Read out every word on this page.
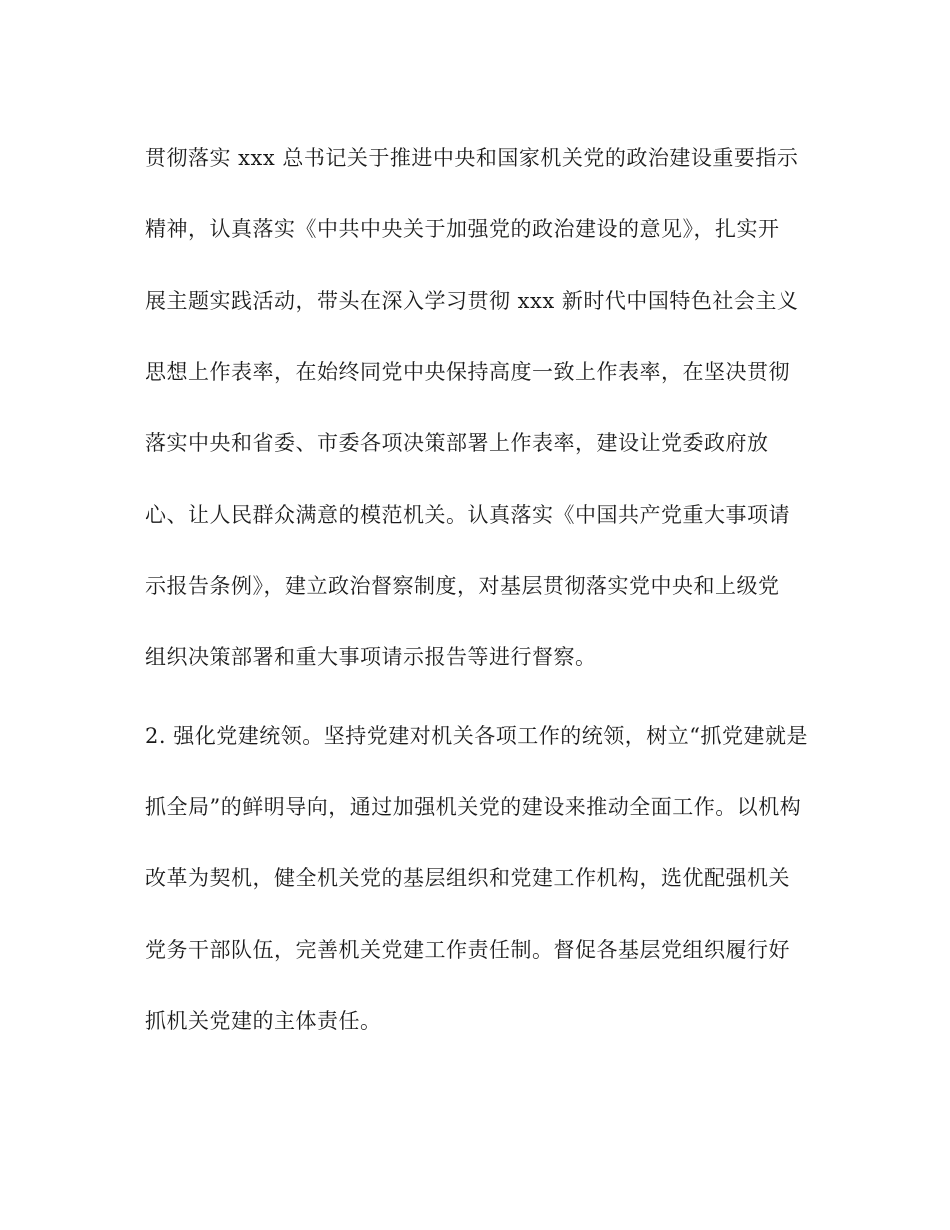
贯彻落实 xxx 总书记关于推进中央和国家机关党的政治建设重要指示
精神，认真落实《中共中央关于加强党的政治建设的意见》，扎实开
展主题实践活动，带头在深入学习贯彻 xxx 新时代中国特色社会主义
思想上作表率，在始终同党中央保持高度一致上作表率，在坚决贯彻
落实中央和省委、市委各项决策部署上作表率，建设让党委政府放
心、让人民群众满意的模范机关。认真落实《中国共产党重大事项请
示报告条例》，建立政治督察制度，对基层贯彻落实党中央和上级党
组织决策部署和重大事项请示报告等进行督察。
2. 强化党建统领。坚持党建对机关各项工作的统领，树立“抓党建就是
抓全局”的鲜明导向，通过加强机关党的建设来推动全面工作。以机构
改革为契机，健全机关党的基层组织和党建工作机构，选优配强机关
党务干部队伍，完善机关党建工作责任制。督促各基层党组织履行好
抓机关党建的主体责任。
